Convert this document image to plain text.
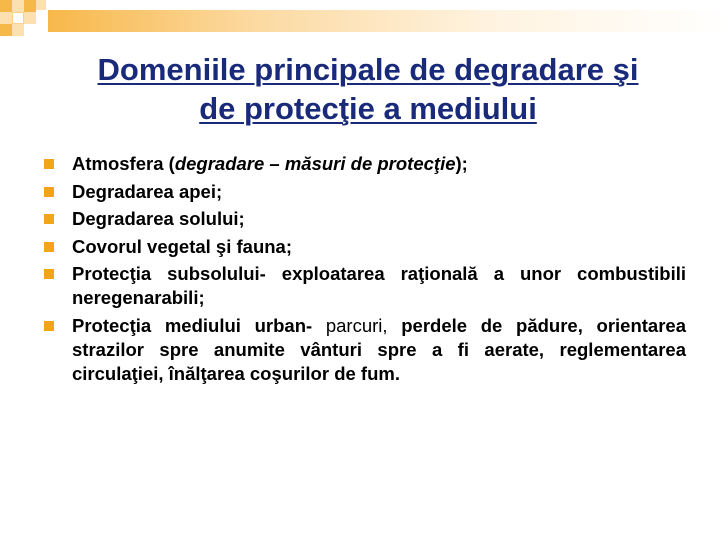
Domeniile principale de degradare şi
de protecţie a mediului
Atmosfera (degradare – măsuri de protecţie);
Degradarea apei;
Degradarea solului;
Covorul vegetal şi fauna;
Protecţia subsolului- exploatarea raţională a unor combustibili neregenarabili;
Protecţia mediului urban- parcuri, perdele de pădure, orientarea strazilor spre anumite vânturi spre a fi aerate, reglementarea circulaţiei, înălţarea coşurilor de fum.
